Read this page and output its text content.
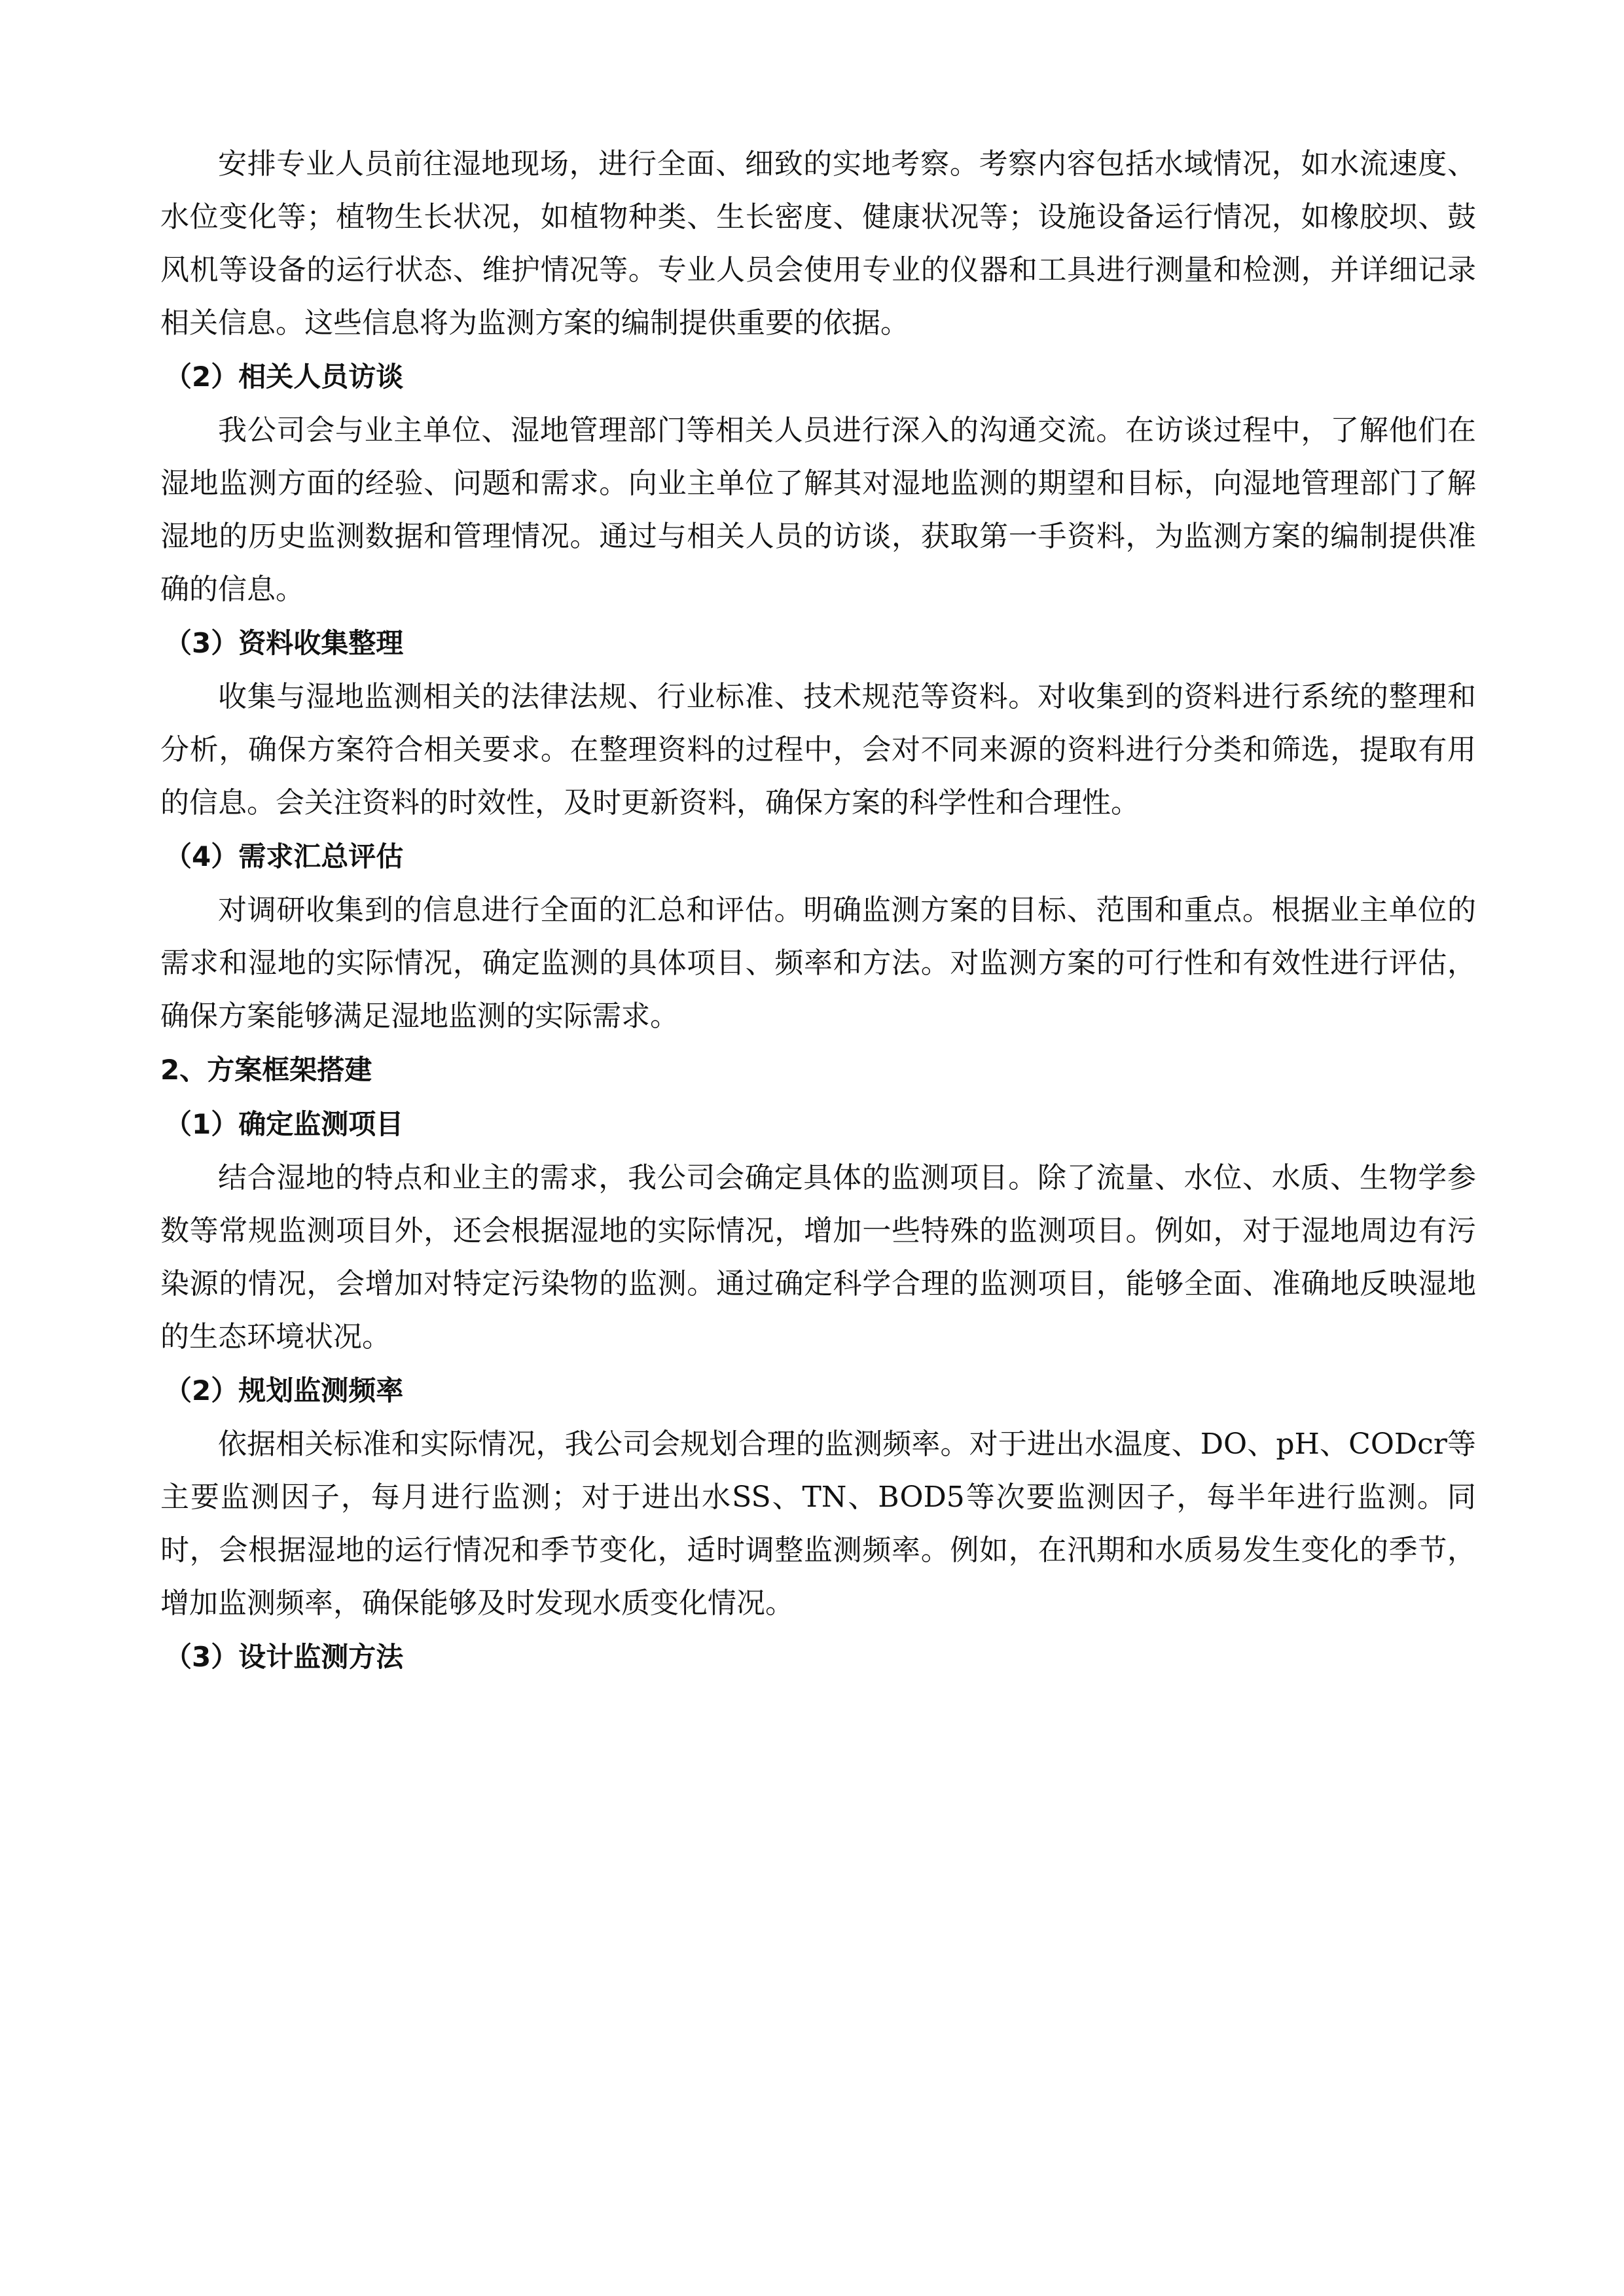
安排专业人员前往湿地现场，进行全面、细致的实地考察。考察内容包括水域情况，如水流速度、水位变化等；植物生长状况，如植物种类、生长密度、健康状况等；设施设备运行情况，如橡胶坝、鼓风机等设备的运行状态、维护情况等。专业人员会使用专业的仪器和工具进行测量和检测，并详细记录相关信息。这些信息将为监测方案的编制提供重要的依据。

（2）相关人员访谈

我公司会与业主单位、湿地管理部门等相关人员进行深入的沟通交流。在访谈过程中，了解他们在湿地监测方面的经验、问题和需求。向业主单位了解其对湿地监测的期望和目标，向湿地管理部门了解湿地的历史监测数据和管理情况。通过与相关人员的访谈，获取第一手资料，为监测方案的编制提供准确的信息。

（3）资料收集整理

收集与湿地监测相关的法律法规、行业标准、技术规范等资料。对收集到的资料进行系统的整理和分析，确保方案符合相关要求。在整理资料的过程中，会对不同来源的资料进行分类和筛选，提取有用的信息。会关注资料的时效性，及时更新资料，确保方案的科学性和合理性。

（4）需求汇总评估

对调研收集到的信息进行全面的汇总和评估。明确监测方案的目标、范围和重点。根据业主单位的需求和湿地的实际情况，确定监测的具体项目、频率和方法。对监测方案的可行性和有效性进行评估，确保方案能够满足湿地监测的实际需求。

2、方案框架搭建
（1）确定监测项目

结合湿地的特点和业主的需求，我公司会确定具体的监测项目。除了流量、水位、水质、生物学参数等常规监测项目外，还会根据湿地的实际情况，增加一些特殊的监测项目。例如，对于湿地周边有污染源的情况，会增加对特定污染物的监测。通过确定科学合理的监测项目，能够全面、准确地反映湿地的生态环境状况。

（2）规划监测频率

依据相关标准和实际情况，我公司会规划合理的监测频率。对于进出水温度、DO、pH、CODcr等主要监测因子，每月进行监测；对于进出水SS、TN、BOD5等次要监测因子，每半年进行监测。同时，会根据湿地的运行情况和季节变化，适时调整监测频率。例如，在汛期和水质易发生变化的季节，增加监测频率，确保能够及时发现水质变化情况。

（3）设计监测方法
